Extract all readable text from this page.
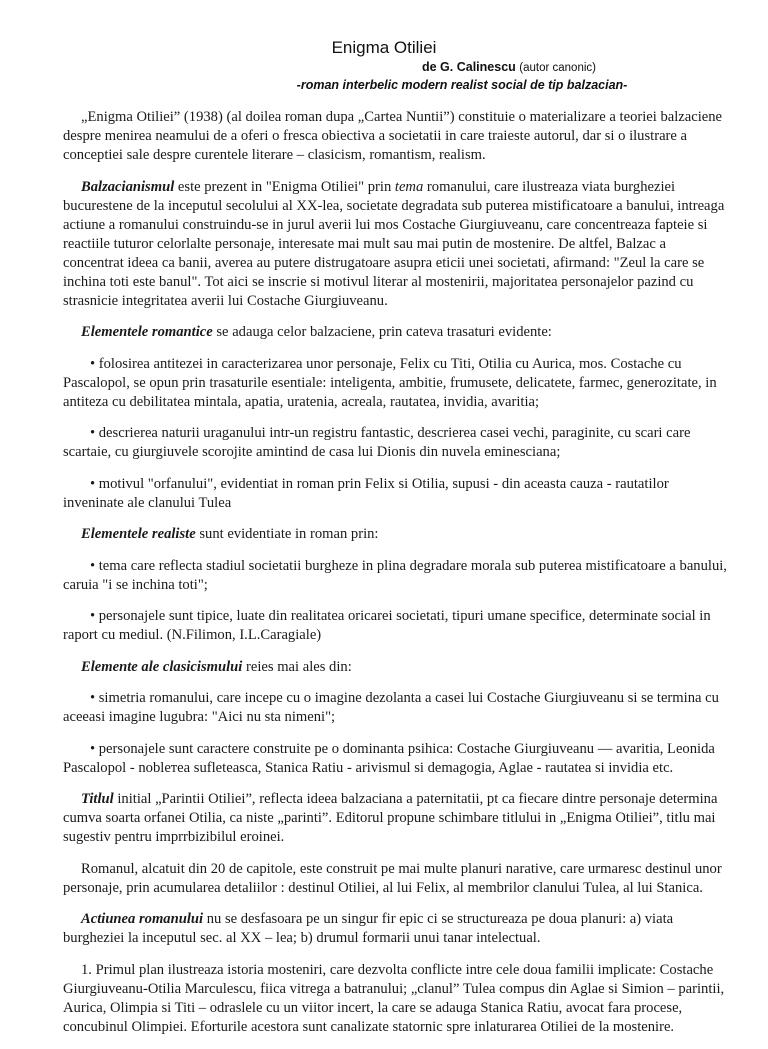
Enigma Otiliei
de G. Calinescu (autor canonic)
-roman interbelic modern realist social de tip balzacian-

„Enigma Otiliei” (1938) (al doilea roman dupa „Cartea Nuntii”) constituie o materializare a teoriei balzaciene despre menirea neamului de a oferi o fresca obiectiva a societatii in care traieste autorul, dar si o ilustrare a conceptiei sale despre curentele literare – clasicism, romantism, realism.

Balzacianismul este prezent in "Enigma Otiliei" prin tema romanului, care ilustreaza viata burgheziei bucurestene de la inceputul secolului al XX-lea, societate degradata sub puterea mistificatoare a banului, intreaga actiune a romanului construindu-se in jurul averii lui mos Costache Giurgiuveanu, care concentreaza fapteie si reactiile tuturor celorlalte personaje, interesate mai mult sau mai putin de mostenire. De altfel, Balzac a concentrat ideea ca banii, averea au putere distrugatoare asupra eticii unei societati, afirmand: "Zeul la care se inchina toti este banul". Tot aici se inscrie si motivul literar al mostenirii, majoritatea personajelor pazind cu strasnicie integritatea averii lui Costache Giurgiuveanu.

Elementele romantice se adauga celor balzaciene, prin cateva trasaturi evidente:

• folosirea antitezei in caracterizarea unor personaje, Felix cu Titi, Otilia cu Aurica, mos. Costache cu Pascalopol, se opun prin trasaturile esentiale: inteligenta, ambitie, frumusete, delicatete, farmec, generozitate, in antiteza cu debilitatea mintala, apatia, uratenia, acreala, rautatea, invidia, avaritia;

• descrierea naturii uraganului intr-un registru fantastic, descrierea casei vechi, paraginite, cu scari care scartaie, cu giurgiuvele scorojite amintind de casa lui Dionis din nuvela eminesciana;

• motivul "orfanului", evidentiat in roman prin Felix si Otilia, supusi - din aceasta cauza - rautatilor inveninate ale clanului Tulea

Elementele realiste sunt evidentiate in roman prin:

• tema care reflecta stadiul societatii burgheze in plina degradare morala sub puterea mistificatoare a banului, caruia "i se inchina toti";

• personajele sunt tipice, luate din realitatea oricarei societati, tipuri umane specifice, determinate social in raport cu mediul. (N.Filimon, I.L.Caragiale)

Elemente ale clasicismului reies mai ales din:

• simetria romanului, care incepe cu o imagine dezolanta a casei lui Costache Giurgiuveanu si se termina cu aceeasi imagine lugubra: "Aici nu sta nimeni";

• personajele sunt caractere construite pe o dominanta psihica: Costache Giurgiuveanu — avaritia, Leonida Pascalopol - noblетea sufleteasca, Stanica Ratiu - arivismul si demagogia, Aglae - rautatea si invidia etc.

Titlul initial „Parintii Otiliei”, reflecta ideea balzaciana a paternitatii, pt ca fiecare dintre personaje determina cumva soarta orfanei Otilia, ca niste „parinti”. Editorul propune schimbare titlului in „Enigma Otiliei”, titlu mai sugestiv pentru imprrbizibilul eroinei.

Romanul, alcatuit din 20 de capitole, este construit pe mai multe planuri narative, care urmaresc destinul unor personaje, prin acumularea detaliilor : destinul Otiliei, al lui Felix, al membrilor clanului Tulea, al lui Stanica.

Actiunea romanului nu se desfasoara pe un singur fir epic ci se structureaza pe doua planuri: a) viata burgheziei la inceputul sec. al XX – lea; b) drumul formarii unui tanar intelectual.

1. Primul plan ilustreaza istoria mosteniri, care dezvolta conflicte intre cele doua familii implicate: Costache Giurgiuveanu-Otilia Marculescu, fiica vitrega a batranului; „clanul” Tulea compus din Aglae si Simion – parintii, Aurica, Olimpia si Titi – odraslele cu un viitor incert, la care se adauga Stanica Ratiu, avocat fara procese, concubinul Olimpiei. Eforturile acestora sunt canalizate statornic spre inlaturarea Otiliei de la mostenire.
